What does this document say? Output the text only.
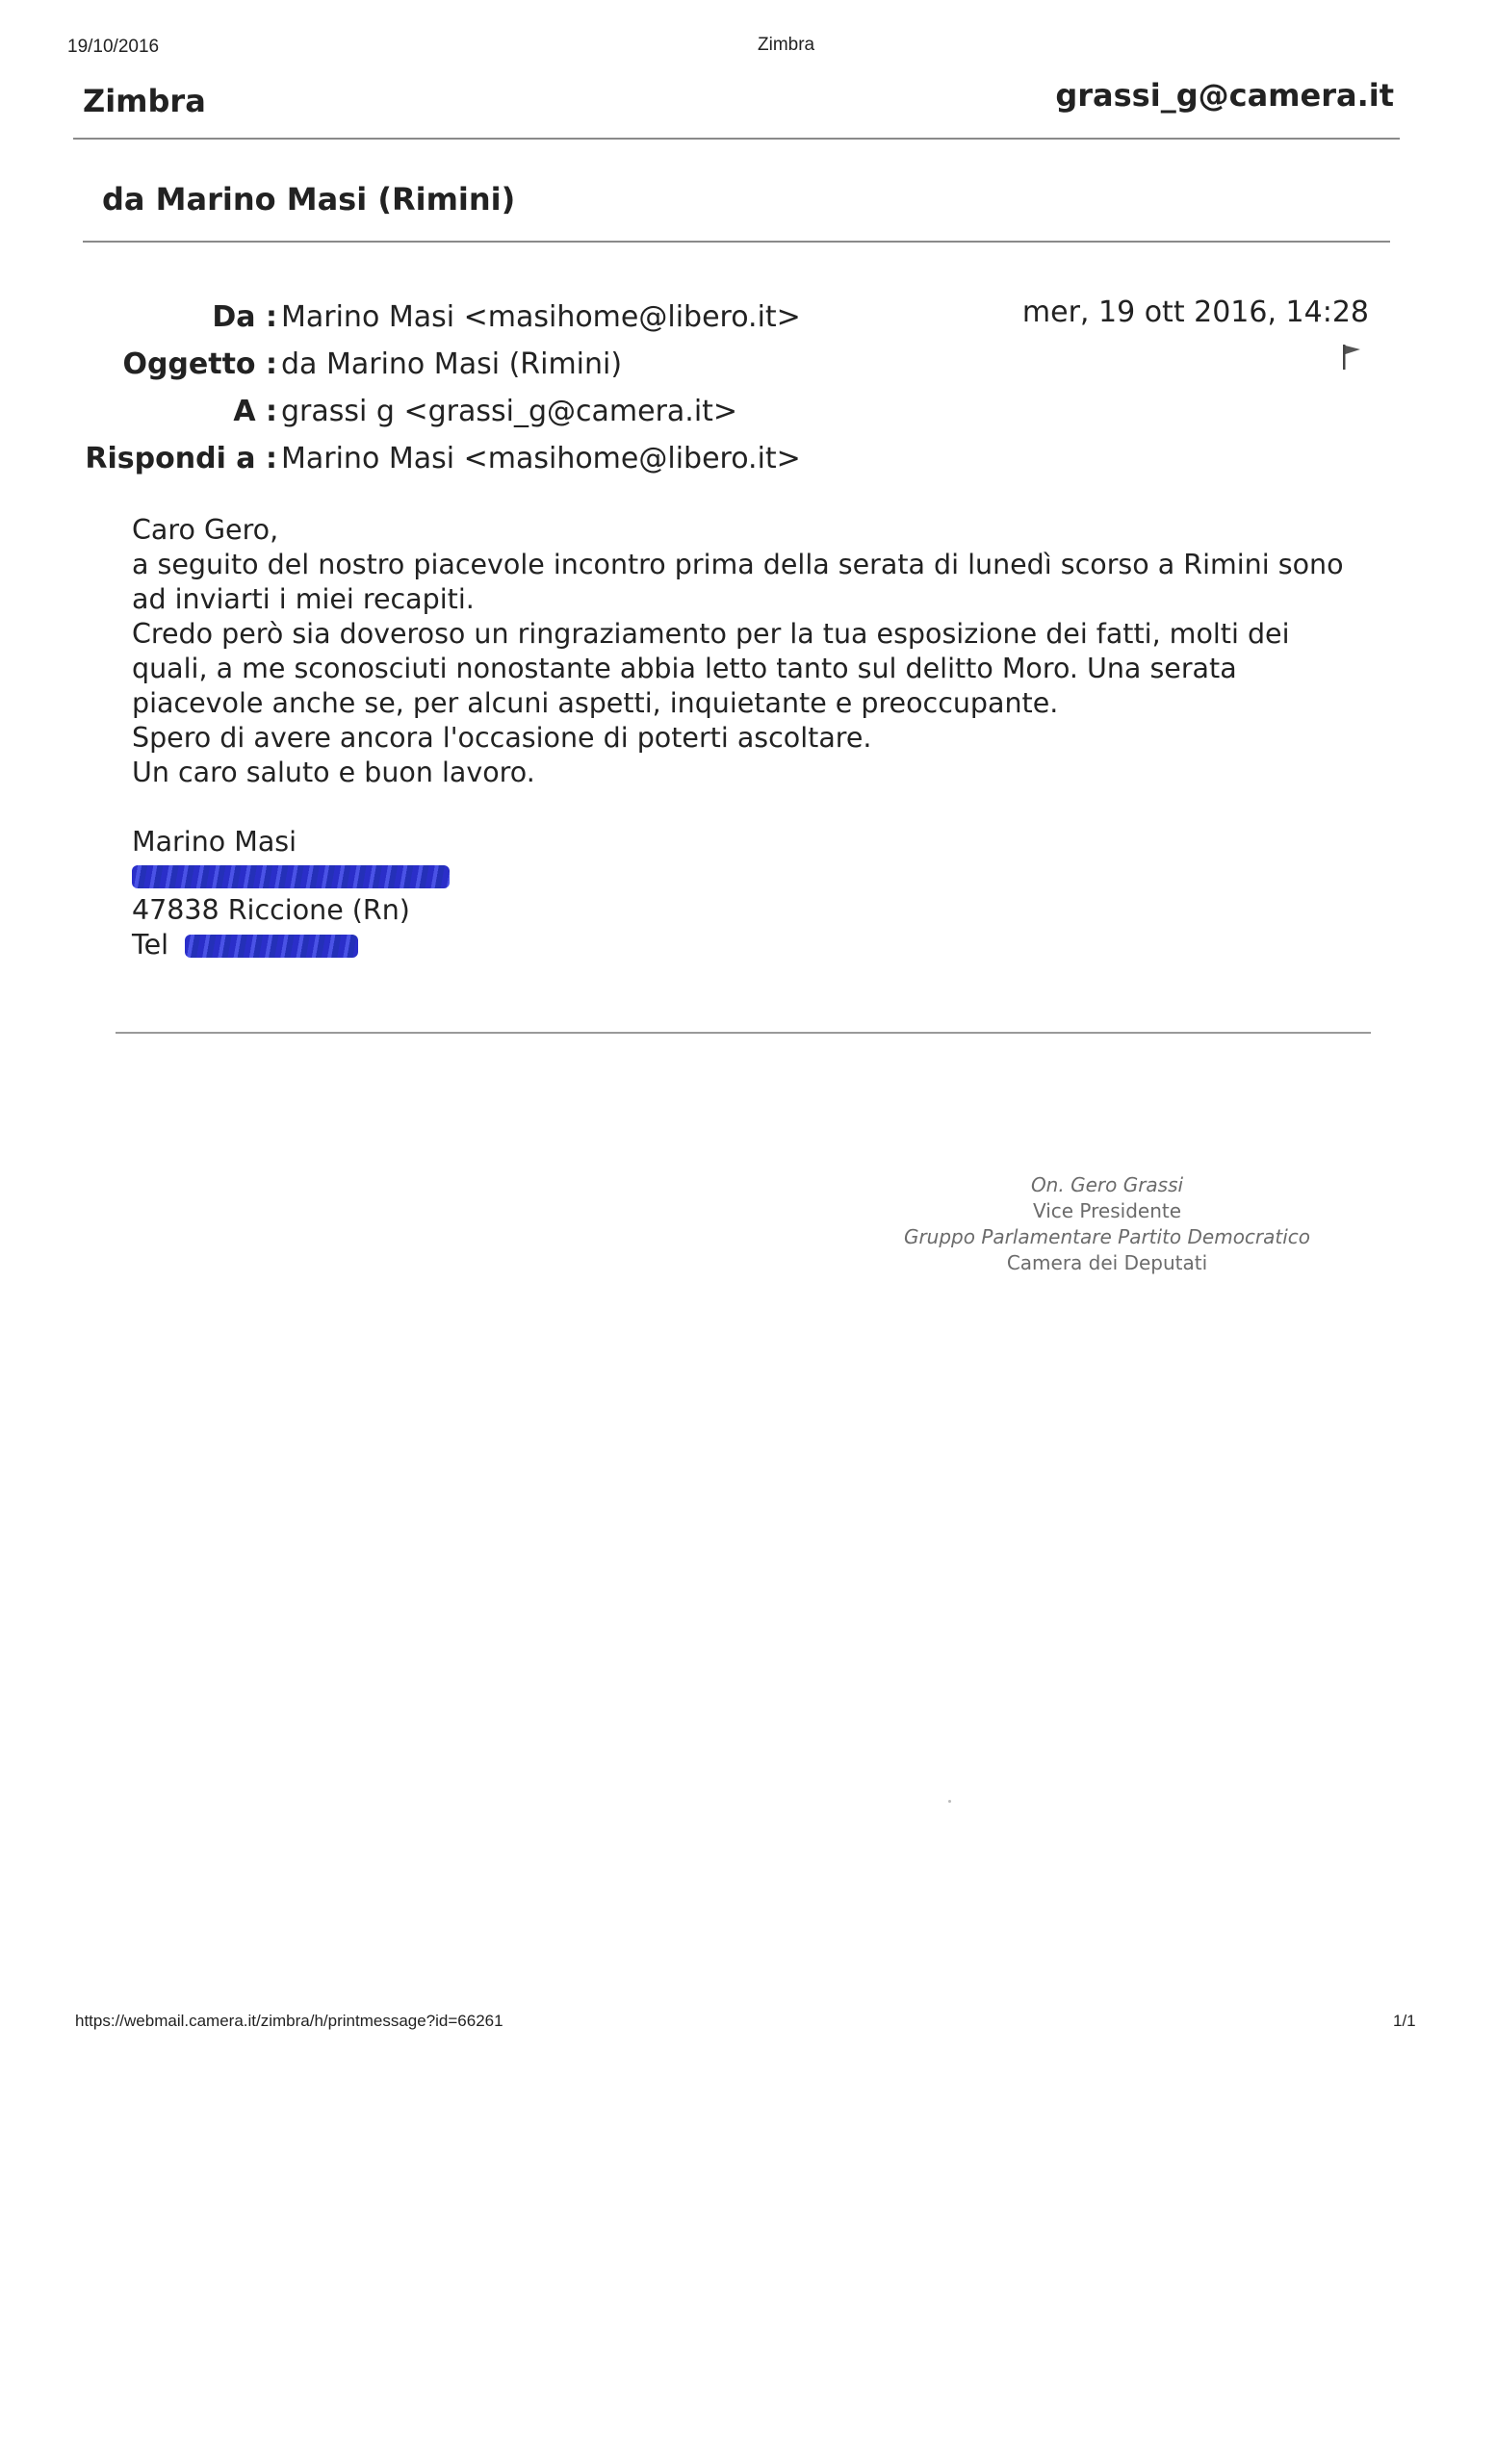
19/10/2016	Zimbra
Zimbra	grassi_g@camera.it
da Marino Masi (Rimini)
Da : Marino Masi <masihome@libero.it>
Oggetto : da Marino Masi (Rimini)
A : grassi g <grassi_g@camera.it>
Rispondi a : Marino Masi <masihome@libero.it>
mer, 19 ott 2016, 14:28

Caro Gero,

a seguito del nostro piacevole incontro prima della serata di lunedì scorso a Rimini sono ad inviarti i miei recapiti.

Credo però sia doveroso un ringraziamento per la tua esposizione dei fatti, molti dei quali, a me sconosciuti nonostante abbia letto tanto sul delitto Moro. Una serata piacevole anche se, per alcuni aspetti, inquietante e preoccupante.

Spero di avere ancora l'occasione di poterti ascoltare.

Un caro saluto e buon lavoro.

Marino Masi
47838 Riccione (Rn)
Tel
On. Gero Grassi
Vice Presidente
Gruppo Parlamentare Partito Democratico
Camera dei Deputati
https://webmail.camera.it/zimbra/h/printmessage?id=66261	1/1
